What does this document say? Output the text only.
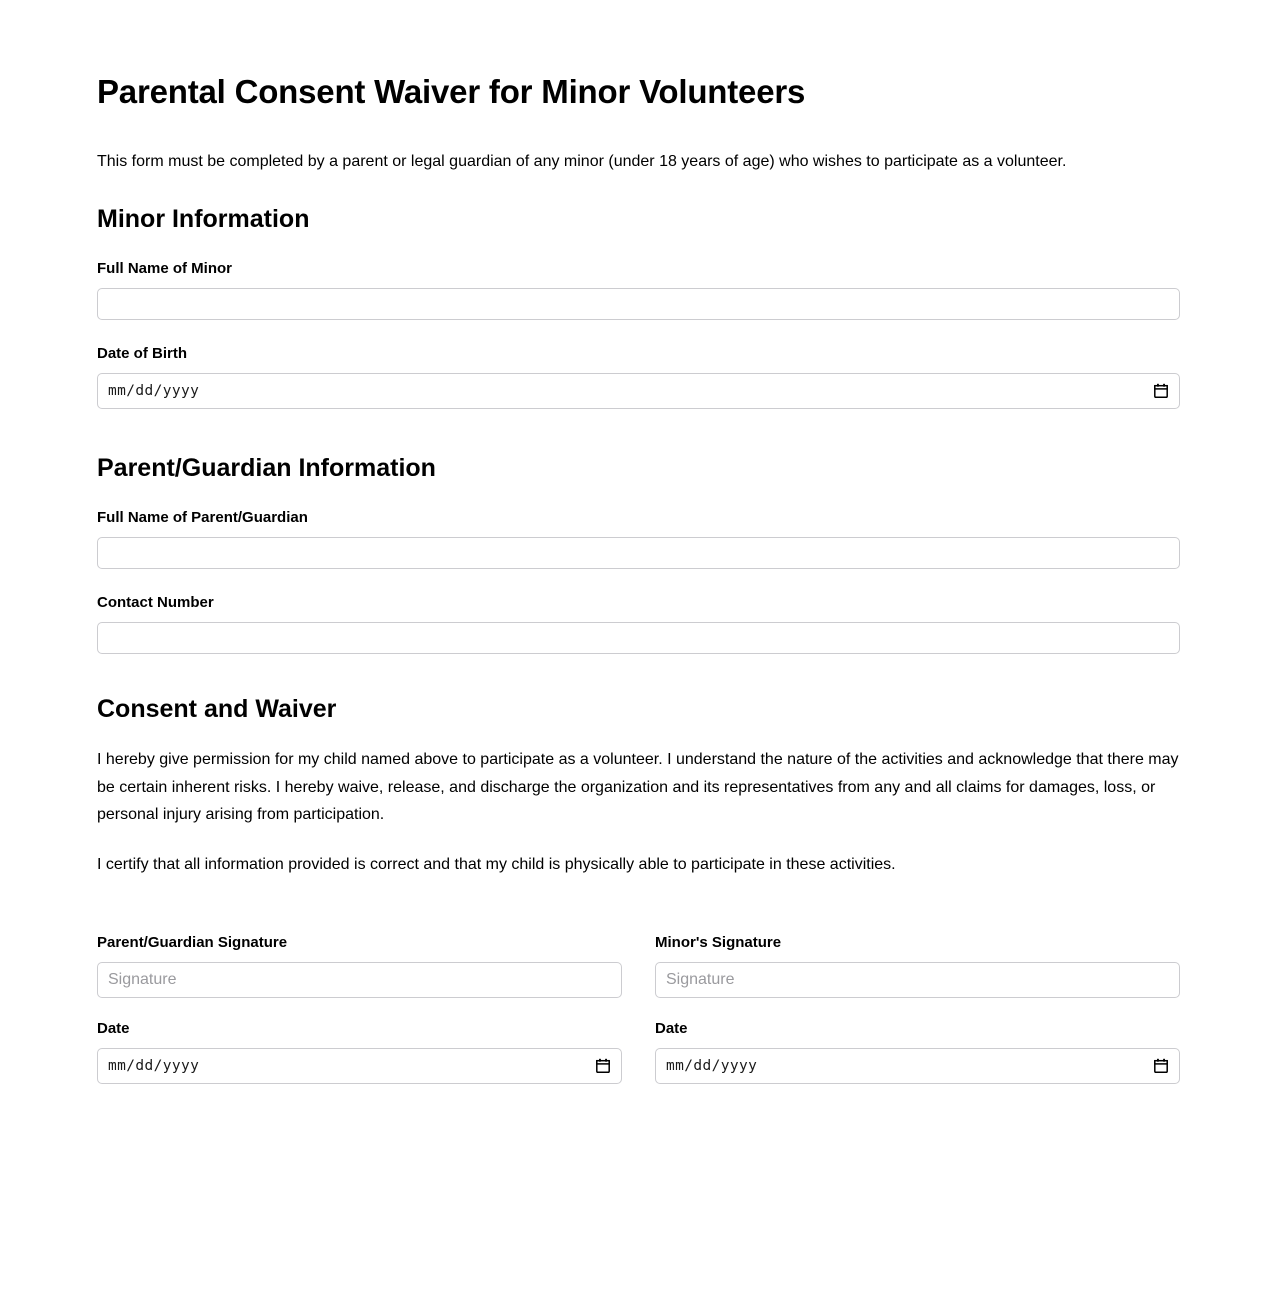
Parental Consent Waiver for Minor Volunteers

This form must be completed by a parent or legal guardian of any minor (under 18 years of age) who wishes to participate as a volunteer.

Minor Information
Full Name of Minor
Date of Birth
mm/dd/yyyy
Parent/Guardian Information
Full Name of Parent/Guardian
Contact Number
Consent and Waiver

I hereby give permission for my child named above to participate as a volunteer. I understand the nature of the activities and acknowledge that there may be certain inherent risks. I hereby waive, release, and discharge the organization and its representatives from any and all claims for damages, loss, or personal injury arising from participation.

I certify that all information provided is correct and that my child is physically able to participate in these activities.

Parent/Guardian Signature
Signature
Date
mm/dd/yyyy
Minor's Signature
Signature
Date
mm/dd/yyyy
